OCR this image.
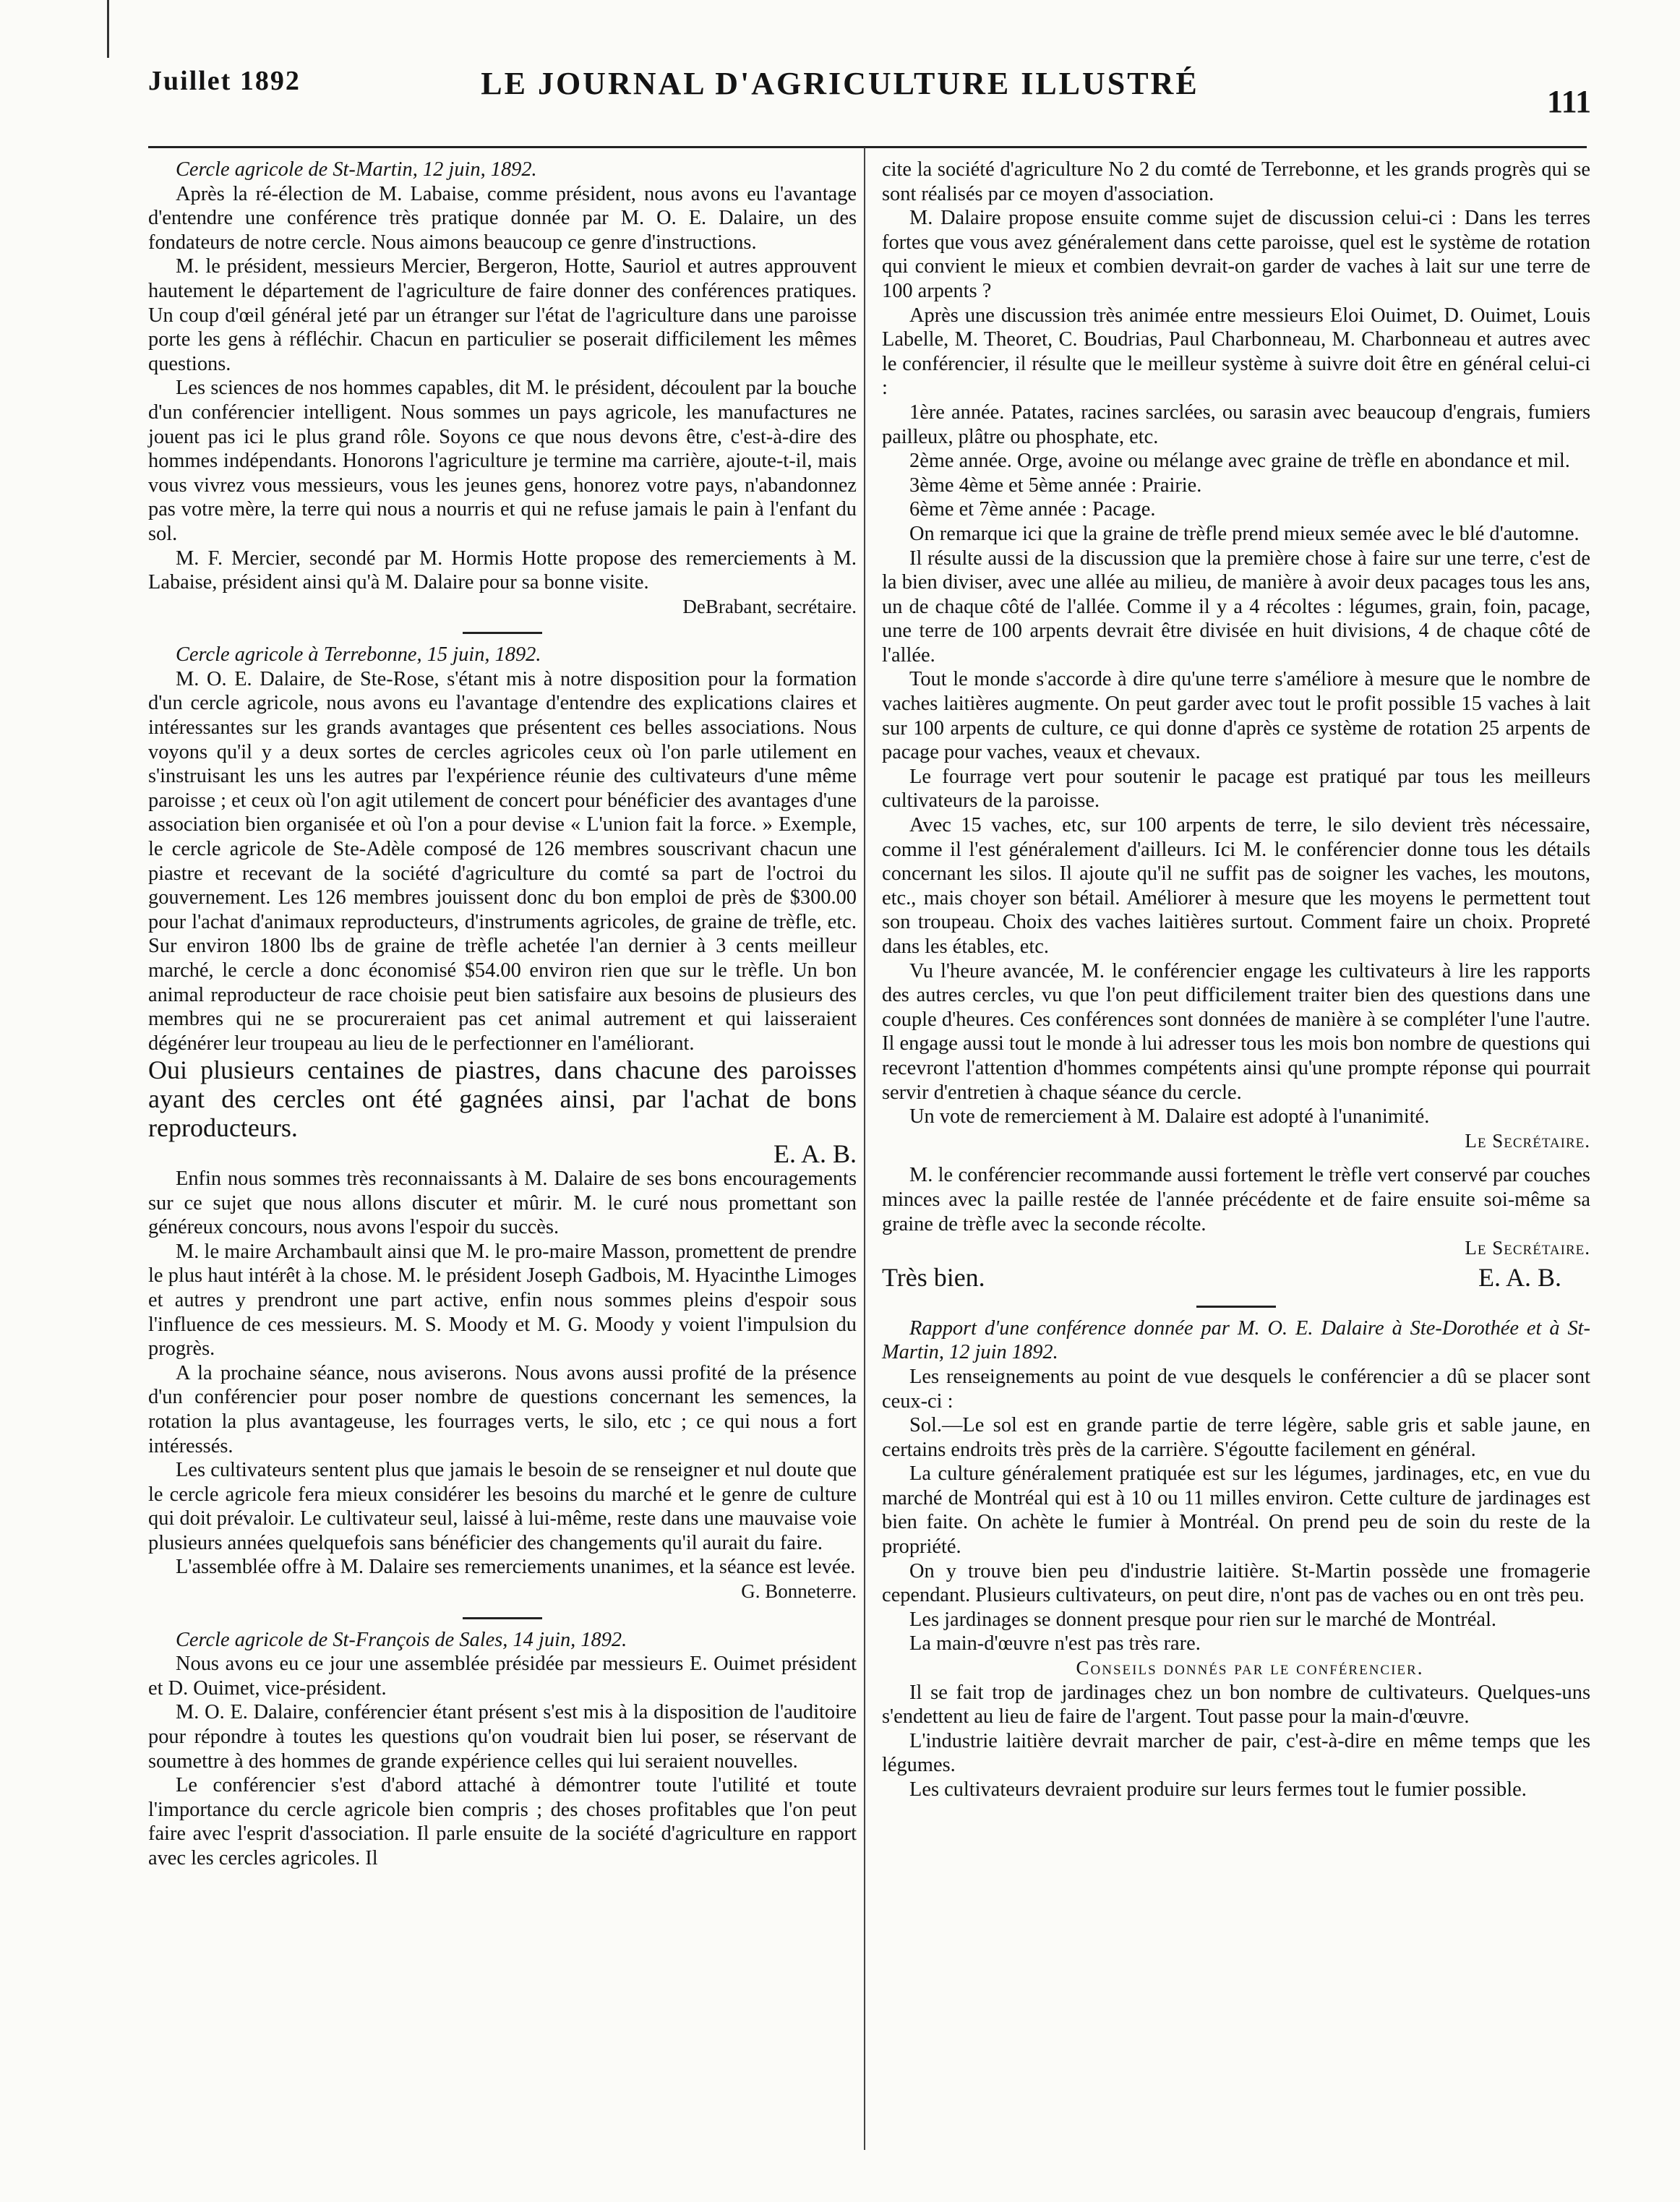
Juillet 1892	LE JOURNAL D'AGRICULTURE ILLUSTRÉ
111

Cercle agricole de St-Martin, 12 juin, 1892.

Après la ré-élection de M. Labaise, comme président, nous avons eu l'avantage d'entendre une conférence très pratique donnée par M. O. E. Dalaire, un des fondateurs de notre cercle. Nous aimons beaucoup ce genre d'instructions.

M. le président, messieurs Mercier, Bergeron, Hotte, Sauriol et autres approuvent hautement le département de l'agriculture de faire donner des conférences pratiques. Un coup d'œil général jeté par un étranger sur l'état de l'agriculture dans une paroisse porte les gens à réfléchir. Chacun en particulier se poserait difficilement les mêmes questions.

Les sciences de nos hommes capables, dit M. le président, découlent par la bouche d'un conférencier intelligent. Nous sommes un pays agricole, les manufactures ne jouent pas ici le plus grand rôle. Soyons ce que nous devons être, c'est-à-dire des hommes indépendants. Honorons l'agriculture je termine ma carrière, ajoute-t-il, mais vous vivrez vous messieurs, vous les jeunes gens, honorez votre pays, n'abandonnez pas votre mère, la terre qui nous a nourris et qui ne refuse jamais le pain à l'enfant du sol.

M. F. Mercier, secondé par M. Hormis Hotte propose des remerciements à M. Labaise, président ainsi qu'à M. Dalaire pour sa bonne visite.

DeBrabant, secrétaire.

Cercle agricole à Terrebonne, 15 juin, 1892.

M. O. E. Dalaire, de Ste-Rose, s'étant mis à notre disposition pour la formation d'un cercle agricole, nous avons eu l'avantage d'entendre des explications claires et intéressantes sur les grands avantages que présentent ces belles associations. Nous voyons qu'il y a deux sortes de cercles agricoles ceux où l'on parle utilement en s'instruisant les uns les autres par l'expérience réunie des cultivateurs d'une même paroisse ; et ceux où l'on agit utilement de concert pour bénéficier des avantages d'une association bien organisée et où l'on a pour devise « L'union fait la force. » Exemple, le cercle agricole de Ste-Adèle composé de 126 membres souscrivant chacun une piastre et recevant de la société d'agriculture du comté sa part de l'octroi du gouvernement. Les 126 membres jouissent donc du bon emploi de près de $300.00 pour l'achat d'animaux reproducteurs, d'instruments agricoles, de graine de trèfle, etc. Sur environ 1800 lbs de graine de trèfle achetée l'an dernier à 3 cents meilleur marché, le cercle a donc économisé $54.00 environ rien que sur le trèfle. Un bon animal reproducteur de race choisie peut bien satisfaire aux besoins de plusieurs des membres qui ne se procureraient pas cet animal autrement et qui laisseraient dégénérer leur troupeau au lieu de le perfectionner en l'améliorant.

Oui plusieurs centaines de piastres, dans chacune des paroisses ayant des cercles ont été gagnées ainsi, par l'achat de bons reproducteurs.

E. A. B.

Enfin nous sommes très reconnaissants à M. Dalaire de ses bons encouragements sur ce sujet que nous allons discuter et mûrir. M. le curé nous promettant son généreux concours, nous avons l'espoir du succès.

M. le maire Archambault ainsi que M. le pro-maire Masson, promettent de prendre le plus haut intérêt à la chose. M. le président Joseph Gadbois, M. Hyacinthe Limoges et autres y prendront une part active, enfin nous sommes pleins d'espoir sous l'influence de ces messieurs. M. S. Moody et M. G. Moody y voient l'impulsion du progrès.

A la prochaine séance, nous aviserons. Nous avons aussi profité de la présence d'un conférencier pour poser nombre de questions concernant les semences, la rotation la plus avantageuse, les fourrages verts, le silo, etc ; ce qui nous a fort intéressés.

Les cultivateurs sentent plus que jamais le besoin de se renseigner et nul doute que le cercle agricole fera mieux considérer les besoins du marché et le genre de culture qui doit prévaloir. Le cultivateur seul, laissé à lui-même, reste dans une mauvaise voie plusieurs années quelquefois sans bénéficier des changements qu'il aurait du faire.

L'assemblée offre à M. Dalaire ses remerciements unanimes, et la séance est levée.

G. Bonneterre.

Cercle agricole de St-François de Sales, 14 juin, 1892.

Nous avons eu ce jour une assemblée présidée par messieurs E. Ouimet président et D. Ouimet, vice-président.

M. O. E. Dalaire, conférencier étant présent s'est mis à la disposition de l'auditoire pour répondre à toutes les questions qu'on voudrait bien lui poser, se réservant de soumettre à des hommes de grande expérience celles qui lui seraient nouvelles.

Le conférencier s'est d'abord attaché à démontrer toute l'utilité et toute l'importance du cercle agricole bien compris ; des choses profitables que l'on peut faire avec l'esprit d'association. Il parle ensuite de la société d'agriculture en rapport avec les cercles agricoles. Il

cite la société d'agriculture No 2 du comté de Terrebonne, et les grands progrès qui se sont réalisés par ce moyen d'association.

M. Dalaire propose ensuite comme sujet de discussion celui-ci : Dans les terres fortes que vous avez généralement dans cette paroisse, quel est le système de rotation qui convient le mieux et combien devrait-on garder de vaches à lait sur une terre de 100 arpents ?

Après une discussion très animée entre messieurs Eloi Ouimet, D. Ouimet, Louis Labelle, M. Theoret, C. Boudrias, Paul Charbonneau, M. Charbonneau et autres avec le conférencier, il résulte que le meilleur système à suivre doit être en général celui-ci :

1ère année. Patates, racines sarclées, ou sarasin avec beaucoup d'engrais, fumiers pailleux, plâtre ou phosphate, etc.

2ème année. Orge, avoine ou mélange avec graine de trèfle en abondance et mil.

3ème 4ème et 5ème année : Prairie.

6ème et 7ème année : Pacage.

On remarque ici que la graine de trèfle prend mieux semée avec le blé d'automne.

Il résulte aussi de la discussion que la première chose à faire sur une terre, c'est de la bien diviser, avec une allée au milieu, de manière à avoir deux pacages tous les ans, un de chaque côté de l'allée. Comme il y a 4 récoltes : légumes, grain, foin, pacage, une terre de 100 arpents devrait être divisée en huit divisions, 4 de chaque côté de l'allée.

Tout le monde s'accorde à dire qu'une terre s'améliore à mesure que le nombre de vaches laitières augmente. On peut garder avec tout le profit possible 15 vaches à lait sur 100 arpents de culture, ce qui donne d'après ce système de rotation 25 arpents de pacage pour vaches, veaux et chevaux.

Le fourrage vert pour soutenir le pacage est pratiqué par tous les meilleurs cultivateurs de la paroisse.

Avec 15 vaches, etc, sur 100 arpents de terre, le silo devient très nécessaire, comme il l'est généralement d'ailleurs. Ici M. le conférencier donne tous les détails concernant les silos. Il ajoute qu'il ne suffit pas de soigner les vaches, les moutons, etc., mais choyer son bétail. Améliorer à mesure que les moyens le permettent tout son troupeau. Choix des vaches laitières surtout. Comment faire un choix. Propreté dans les étables, etc.

Vu l'heure avancée, M. le conférencier engage les cultivateurs à lire les rapports des autres cercles, vu que l'on peut difficilement traiter bien des questions dans une couple d'heures. Ces conférences sont données de manière à se compléter l'une l'autre. Il engage aussi tout le monde à lui adresser tous les mois bon nombre de questions qui recevront l'attention d'hommes compétents ainsi qu'une prompte réponse qui pourrait servir d'entretien à chaque séance du cercle.

Un vote de remerciement à M. Dalaire est adopté à l'unanimité.

Le Secrétaire.

M. le conférencier recommande aussi fortement le trèfle vert conservé par couches minces avec la paille restée de l'année précédente et de faire ensuite soi-même sa graine de trèfle avec la seconde récolte.

Le Secrétaire.

Très bien.	E. A. B.

Rapport d'une conférence donnée par M. O. E. Dalaire à Ste-Dorothée et à St-Martin, 12 juin 1892.

Les renseignements au point de vue desquels le conférencier a dû se placer sont ceux-ci :

Sol.—Le sol est en grande partie de terre légère, sable gris et sable jaune, en certains endroits très près de la carrière. S'égoutte facilement en général.

La culture généralement pratiquée est sur les légumes, jardinages, etc, en vue du marché de Montréal qui est à 10 ou 11 milles environ. Cette culture de jardinages est bien faite. On achète le fumier à Montréal. On prend peu de soin du reste de la propriété.

On y trouve bien peu d'industrie laitière. St-Martin possède une fromagerie cependant. Plusieurs cultivateurs, on peut dire, n'ont pas de vaches ou en ont très peu.

Les jardinages se donnent presque pour rien sur le marché de Montréal.

La main-d'œuvre n'est pas très rare.

Conseils donnés par le conférencier.

Il se fait trop de jardinages chez un bon nombre de cultivateurs. Quelques-uns s'endettent au lieu de faire de l'argent. Tout passe pour la main-d'œuvre.

L'industrie laitière devrait marcher de pair, c'est-à-dire en même temps que les légumes.

Les cultivateurs devraient produire sur leurs fermes tout le fumier possible.
